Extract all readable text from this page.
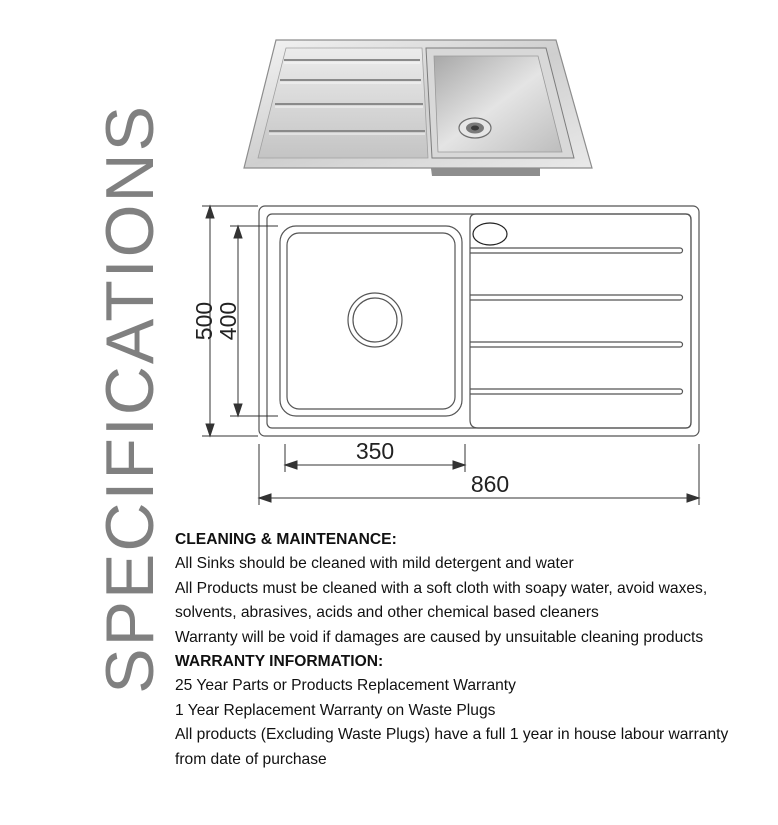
SPECIFICATIONS 500
400
350
860

CLEANING & MAINTENANCE:

All Sinks should be cleaned with mild detergent and water

All Products must be cleaned with a soft cloth with soapy water, avoid waxes, solvents, abrasives, acids and other chemical based cleaners

Warranty will be void if damages are caused by unsuitable cleaning products

WARRANTY INFORMATION:

25 Year Parts or Products Replacement Warranty

1 Year Replacement Warranty on Waste Plugs

All products (Excluding Waste Plugs) have a full 1 year in house labour warranty from date of purchase
